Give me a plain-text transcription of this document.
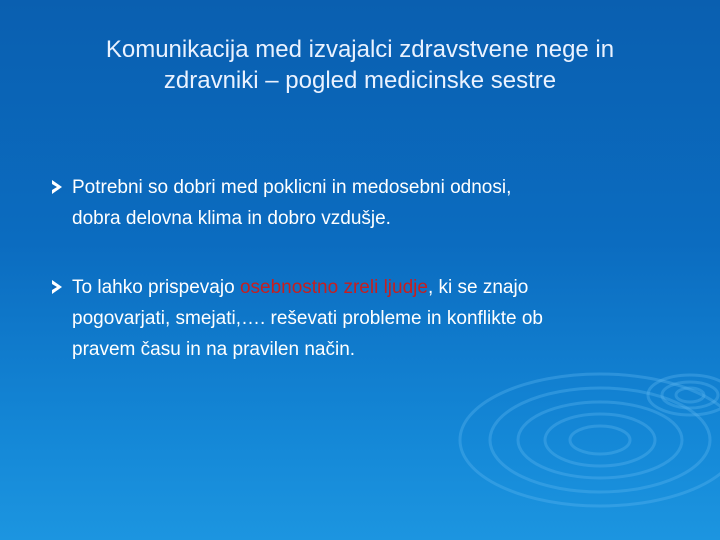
Komunikacija med izvajalci zdravstvene nege in
zdravniki – pogled medicinske sestre
Potrebni so dobri med poklicni in medosebni odnosi,
dobra delovna klima in dobro vzdušje.
To lahko prispevajo osebnostno zreli ljudje, ki se znajo
pogovarjati, smejati,…. reševati probleme in konflikte ob
pravem času in na pravilen način.
